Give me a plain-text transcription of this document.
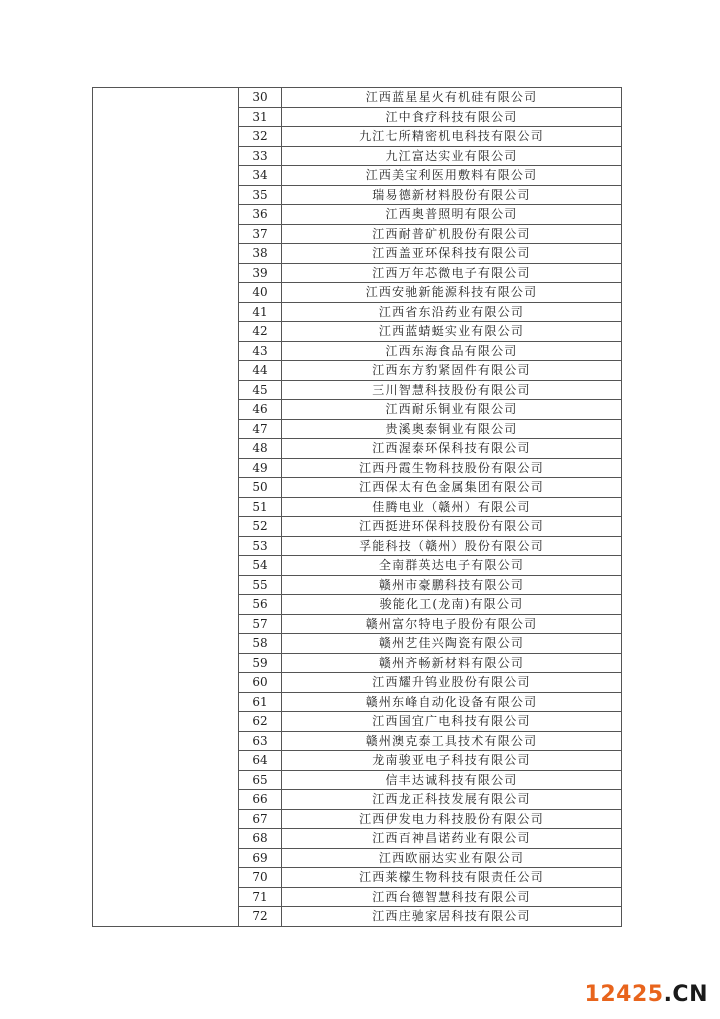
	30	江西蓝星星火有机硅有限公司
	31	江中食疗科技有限公司
	32	九江七所精密机电科技有限公司
	33	九江富达实业有限公司
	34	江西美宝利医用敷料有限公司
	35	瑞易德新材料股份有限公司
	36	江西奥普照明有限公司
	37	江西耐普矿机股份有限公司
	38	江西盖亚环保科技有限公司
	39	江西万年芯微电子有限公司
	40	江西安驰新能源科技有限公司
	41	江西省东沿药业有限公司
	42	江西蓝蜻蜓实业有限公司
	43	江西东海食品有限公司
	44	江西东方豹紧固件有限公司
	45	三川智慧科技股份有限公司
	46	江西耐乐铜业有限公司
	47	贵溪奥泰铜业有限公司
	48	江西渥泰环保科技有限公司
	49	江西丹霞生物科技股份有限公司
	50	江西保太有色金属集团有限公司
	51	佳腾电业（赣州）有限公司
	52	江西挺进环保科技股份有限公司
	53	孚能科技（赣州）股份有限公司
	54	全南群英达电子有限公司
	55	赣州市豪鹏科技有限公司
	56	骏能化工(龙南)有限公司
	57	赣州富尔特电子股份有限公司
	58	赣州艺佳兴陶瓷有限公司
	59	赣州齐畅新材料有限公司
	60	江西耀升钨业股份有限公司
	61	赣州东峰自动化设备有限公司
	62	江西国宜广电科技有限公司
	63	赣州澳克泰工具技术有限公司
	64	龙南骏亚电子科技有限公司
	65	信丰达诚科技有限公司
	66	江西龙正科技发展有限公司
	67	江西伊发电力科技股份有限公司
	68	江西百神昌诺药业有限公司
	69	江西欧丽达实业有限公司
	70	江西莱檬生物科技有限责任公司
	71	江西台德智慧科技有限公司
	72	江西庄驰家居科技有限公司
12425.CN
